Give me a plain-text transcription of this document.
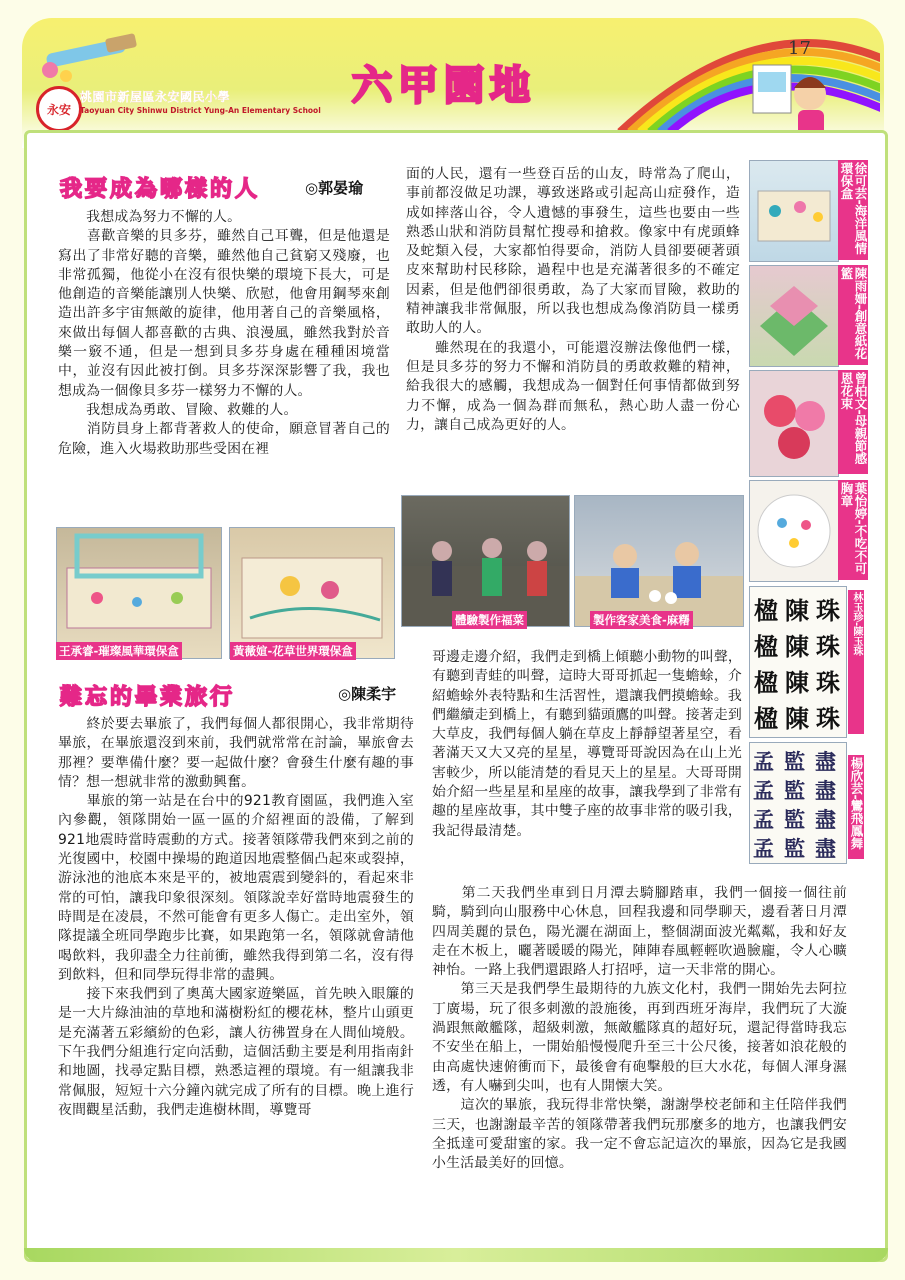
永安
桃園市新屋區永安國民小學
Taoyuan City Shinwu District Yung-An Elementary School
六甲園地
17
我要成為哪樣的人	◎郭晏瑜

　　我想成為努力不懈的人。

　　喜歡音樂的貝多芬，雖然自己耳聾，但是他還是寫出了非常好聽的音樂，雖然他自己貧窮又殘廢，也非常孤獨，他從小在沒有很快樂的環境下長大，可是他創造的音樂能讓別人快樂、欣慰，他會用鋼琴來創造出許多宇宙無敵的旋律，他用著自己的音樂風格，來做出每個人都喜歡的古典、浪漫風，雖然我對於音樂一竅不通，但是一想到貝多芬身處在種種困境當中，並沒有因此被打倒。貝多芬深深影響了我，我也想成為一個像貝多芬一樣努力不懈的人。

　　我想成為勇敢、冒險、救難的人。

　　消防員身上都背著救人的使命，願意冒著自己的危險，進入火場救助那些受困在裡

面的人民，還有一些登百岳的山友，時常為了爬山，事前都沒做足功課，導致迷路或引起高山症發作，造成如摔落山谷，令人遺憾的事發生，這些也要由一些熟悉山狀和消防員幫忙搜尋和搶救。像家中有虎頭蜂及蛇類入侵，大家都怕得要命，消防人員卻要硬著頭皮來幫助村民移除，過程中也是充滿著很多的不確定因素，但是他們卻很勇敢，為了大家而冒險，救助的精神讓我非常佩服，所以我也想成為像消防員一樣勇敢助人的人。

　　雖然現在的我還小，可能還沒辦法像他們一樣，但是貝多芬的努力不懈和消防員的勇敢救難的精神，給我很大的感觸，我想成為一個對任何事情都做到努力不懈，成為一個為群而無私，熱心助人盡一份心力，讓自己成為更好的人。

王承睿-璀璨風華環保盒	黃薇媗-花草世界環保盒
體驗製作福菜	製作客家美食-麻糬
徐可芸-海洋風情環保盒
陳雨姍-創意紙花籃
曾柏文-母親節感恩花束
葉怡婷-不吃不可胸章
楹 陳 珠
楹 陳 珠
楹 陳 珠
楹 陳 珠
林玉珍-陳玉珠
孟 監 盡
孟 監 盡
孟 監 盡
孟 監 盡	楊欣芸-鸞飛鳳舞
難忘的畢業旅行	◎陳柔宇

　　終於要去畢旅了，我們每個人都很開心，我非常期待畢旅，在畢旅還沒到來前，我們就常常在討論，畢旅會去那裡？要準備什麼？要一起做什麼？會發生什麼有趣的事情？想一想就非常的激動興奮。

　　畢旅的第一站是在台中的921教育園區，我們進入室內參觀，領隊開始一區一區的介紹裡面的設備，了解到921地震時當時震動的方式。接著領隊帶我們來到之前的光復國中，校園中操場的跑道因地震整個凸起來或裂掉，游泳池的池底本來是平的，被地震震到變斜的，看起來非常的可怕，讓我印象很深刻。領隊說幸好當時地震發生的時間是在凌晨，不然可能會有更多人傷亡。走出室外，領隊提議全班同學跑步比賽，如果跑第一名，領隊就會請他喝飲料，我卯盡全力往前衝，雖然我得到第二名，沒有得到飲料，但和同學玩得非常的盡興。

　　接下來我們到了奧萬大國家遊樂區，首先映入眼簾的是一大片綠油油的草地和滿樹粉紅的櫻花林，整片山頭更是充滿著五彩繽紛的色彩，讓人彷彿置身在人間仙境般。下午我們分組進行定向活動，這個活動主要是利用指南針和地圖，找尋定點目標，熟悉這裡的環境。有一組讓我非常佩服，短短十六分鐘內就完成了所有的目標。晚上進行夜間觀星活動，我們走進樹林間，導覽哥

哥邊走邊介紹，我們走到橋上傾聽小動物的叫聲，有聽到青蛙的叫聲，這時大哥哥抓起一隻蟾蜍，介紹蟾蜍外表特點和生活習性，還讓我們摸蟾蜍。我們繼續走到橋上，有聽到貓頭鷹的叫聲。接著走到大草皮，我們每個人躺在草皮上靜靜望著星空，看著滿天又大又亮的星星，導覽哥哥說因為在山上光害較少，所以能清楚的看見天上的星星。大哥哥開始介紹一些星星和星座的故事，讓我學到了非常有趣的星座故事，其中雙子座的故事非常的吸引我，我記得最清楚。

　　第二天我們坐車到日月潭去騎腳踏車，我們一個接一個往前騎，騎到向山服務中心休息，回程我邊和同學聊天，邊看著日月潭四周美麗的景色，陽光灑在湖面上，整個湖面波光粼粼，我和好友走在木板上，曬著暖暖的陽光，陣陣春風輕輕吹過臉龐，令人心曠神怡。一路上我們還跟路人打招呼，這一天非常的開心。

　　第三天是我們學生最期待的九族文化村，我們一開始先去阿拉丁廣場，玩了很多刺激的設施後，再到西班牙海岸，我們玩了大漩渦跟無敵艦隊，超級刺激，無敵艦隊真的超好玩，還記得當時我忘不安坐在船上，一開始船慢慢爬升至三十公尺後，接著如浪花般的由高處快速俯衝而下，最後會有砲擊般的巨大水花，每個人渾身濕透，有人嚇到尖叫，也有人開懷大笑。

　　這次的畢旅，我玩得非常快樂，謝謝學校老師和主任陪伴我們三天，也謝謝最辛苦的領隊帶著我們玩那麼多的地方，也讓我們安全抵達可愛甜蜜的家。我一定不會忘記這次的畢旅，因為它是我國小生活最美好的回憶。
